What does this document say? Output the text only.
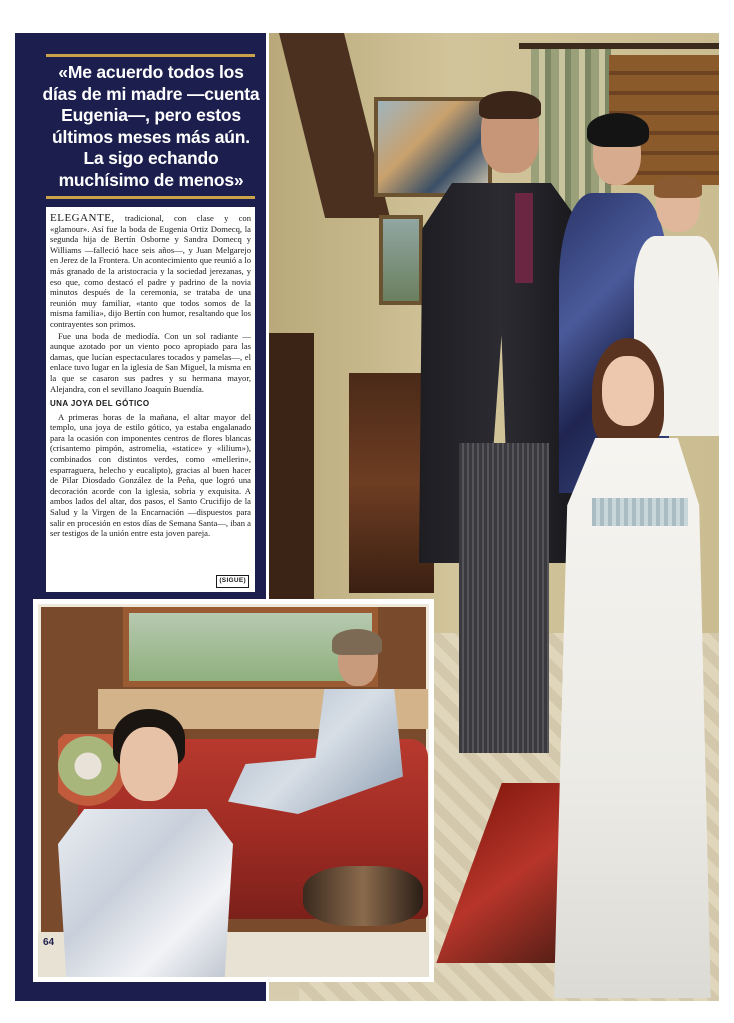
«Me acuerdo todos los días de mi madre —cuenta Eugenia—, pero estos últimos meses más aún. La sigo echando muchísimo de menos»

ELEGANTE, tradicional, con clase y con «glamour». Así fue la boda de Eugenia Ortiz Domecq, la segunda hija de Bertín Osborne y Sandra Domecq y Williams —falleció hace seis años—, y Juan Melgarejo en Jerez de la Frontera. Un acontecimiento que reunió a lo más granado de la aristocracia y la sociedad jerezanas, y eso que, como destacó el padre y padrino de la novia minutos después de la ceremonia, se trataba de una reunión muy familiar, «tanto que todos somos de la misma familia», dijo Bertín con humor, resaltando que los contrayentes son primos.

Fue una boda de mediodía. Con un sol radiante —aunque azotado por un viento poco apropiado para las damas, que lucían espectaculares tocados y pamelas—, el enlace tuvo lugar en la iglesia de San Miguel, la misma en la que se casaron sus padres y su hermana mayor, Alejandra, con el sevillano Joaquín Buendía.

UNA JOYA DEL GÓTICO

A primeras horas de la mañana, el altar mayor del templo, una joya de estilo gótico, ya estaba engalanado para la ocasión con imponentes centros de flores blancas (crisantemo pimpón, astromelia, «statice» y «lilium»), combinados con distintos verdes, como «mellerin», esparraguera, helecho y eucalipto), gracias al buen hacer de Pilar Diosdado González de la Peña, que logró una decoración acorde con la iglesia, sobria y exquisita. A ambos lados del altar, dos pasos, el Santo Crucifijo de la Salud y la Virgen de la Encarnación —dispuestos para salir en procesión en estos días de Semana Santa—, iban a ser testigos de la unión entre esta joven pareja.

(SIGUE)
64
